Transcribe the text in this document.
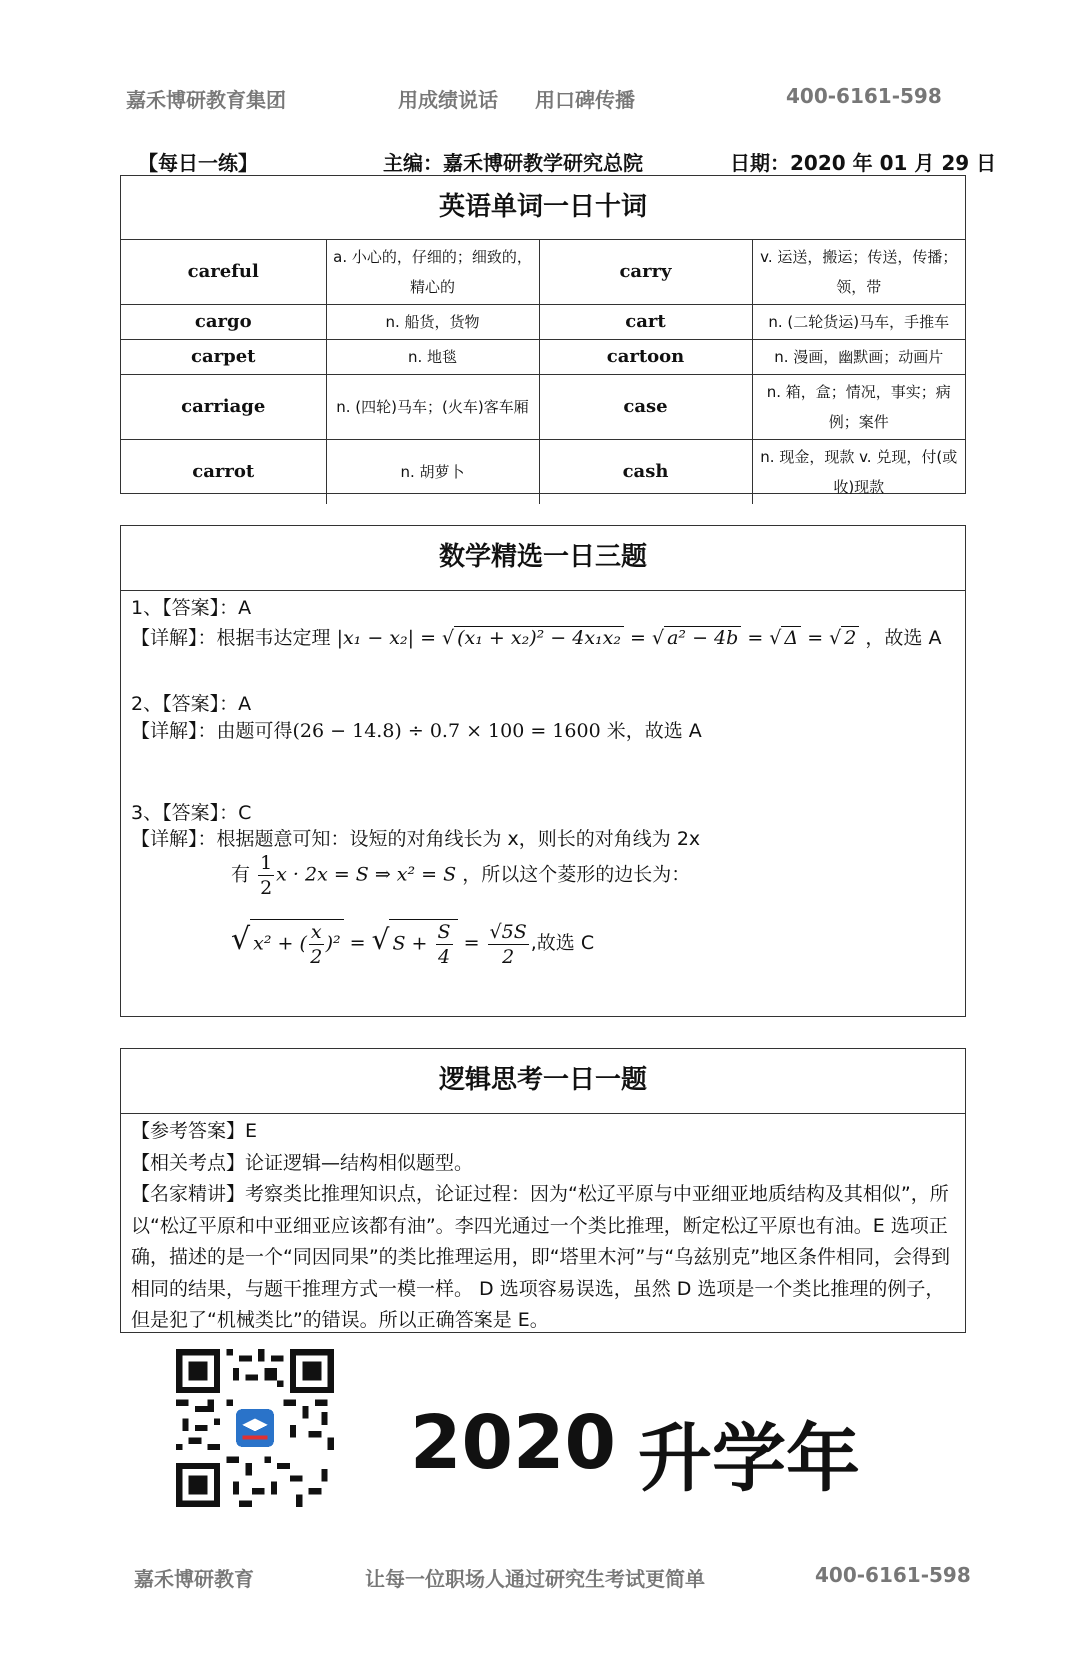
嘉禾博研教育集团	用成绩说话 用口碑传播	400-6161-598
【每日一练】	主编：嘉禾博研教学研究总院	日期：2020 年 01 月 29 日
英语单词一日十词
careful	a. 小心的，仔细的；细致的，精心的	carry	v. 运送，搬运；传送，传播；领，带
cargo	n. 船货，货物	cart	n. (二轮货运)马车，手推车
carpet	n. 地毯	cartoon	n. 漫画，幽默画；动画片
carriage	n. (四轮)马车；(火车)客车厢	case	n. 箱，盒；情况，事实；病例；案件
carrot	n. 胡萝卜	cash	n. 现金，现款 v. 兑现，付(或收)现款
数学精选一日三题
1、【答案】：A
【详解】：根据韦达定理 |x₁ − x₂| = √ (x₁ + x₂)² − 4x₁x₂ = √ a² − 4b = √ Δ = √ 2 ，故选 A
2、【答案】：A
【详解】：由题可得(26 − 14.8) ÷ 0.7 × 100 = 1600 米，故选 A
3、【答案】：C
【详解】：根据题意可知：设短的对角线长为 x，则长的对角线为 2x
有 $\frac{1}{2}$ x · 2x = S ⇒ x² = S ，所以这个菱形的边长为：
√ x² + ( $\frac{x}{2} )^2$ = √ $S + \frac{S}{4} = \frac{√5S}{2}$ ,故选 C
逻辑思考一日一题

【参考答案】E

【相关考点】论证逻辑—结构相似题型。

【名家精讲】考察类比推理知识点，论证过程：因为“松辽平原与中亚细亚地质结构及其相似”，所以“松辽平原和中亚细亚应该都有油”。李四光通过一个类比推理，断定松辽平原也有油。E 选项正确，描述的是一个“同因同果”的类比推理运用，即“塔里木河”与“乌兹别克”地区条件相同，会得到相同的结果，与题干推理方式一模一样。 D 选项容易误选，虽然 D 选项是一个类比推理的例子，但是犯了“机械类比”的错误。所以正确答案是 E。

2020 升学年
嘉禾博研教育	让每一位职场人通过研究生考试更简单	400-6161-598
